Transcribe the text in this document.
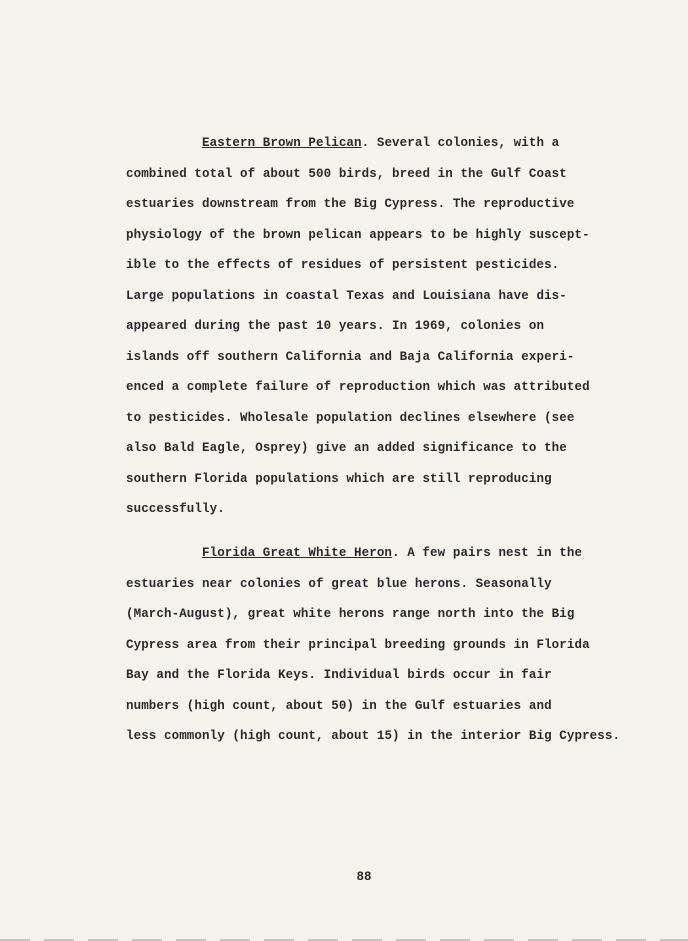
Eastern Brown Pelican. Several colonies, with a
combined total of about 500 birds, breed in the Gulf Coast
estuaries downstream from the Big Cypress. The reproductive
physiology of the brown pelican appears to be highly suscept-
ible to the effects of residues of persistent pesticides.
Large populations in coastal Texas and Louisiana have dis-
appeared during the past 10 years. In 1969, colonies on
islands off southern California and Baja California experi-
enced a complete failure of reproduction which was attributed
to pesticides. Wholesale population declines elsewhere (see
also Bald Eagle, Osprey) give an added significance to the
southern Florida populations which are still reproducing
successfully.
Florida Great White Heron. A few pairs nest in the
estuaries near colonies of great blue herons. Seasonally
(March-August), great white herons range north into the Big
Cypress area from their principal breeding grounds in Florida
Bay and the Florida Keys. Individual birds occur in fair
numbers (high count, about 50) in the Gulf estuaries and
less commonly (high count, about 15) in the interior Big Cypress.
88
